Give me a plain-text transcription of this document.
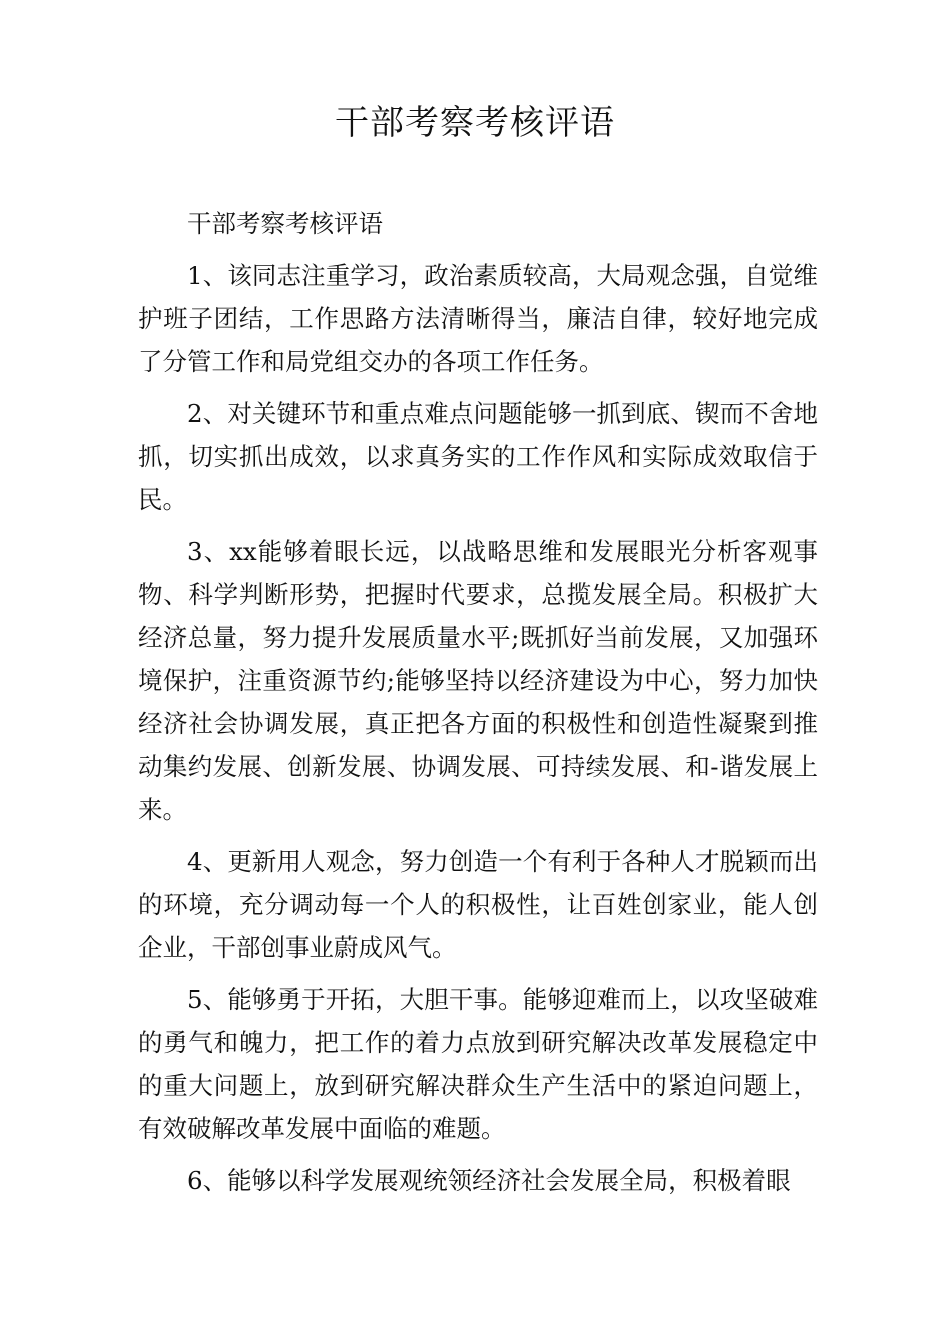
干部考察考核评语

干部考察考核评语

1、该同志注重学习，政治素质较高，大局观念强，自觉维护班子团结，工作思路方法清晰得当，廉洁自律，较好地完成了分管工作和局党组交办的各项工作任务。

2、对关键环节和重点难点问题能够一抓到底、锲而不舍地抓，切实抓出成效，以求真务实的工作作风和实际成效取信于民。

3、xx能够着眼长远，以战略思维和发展眼光分析客观事物、科学判断形势，把握时代要求，总揽发展全局。积极扩大经济总量，努力提升发展质量水平;既抓好当前发展，又加强环境保护，注重资源节约;能够坚持以经济建设为中心，努力加快经济社会协调发展，真正把各方面的积极性和创造性凝聚到推动集约发展、创新发展、协调发展、可持续发展、和-谐发展上来。

4、更新用人观念，努力创造一个有利于各种人才脱颖而出的环境，充分调动每一个人的积极性，让百姓创家业，能人创企业，干部创事业蔚成风气。

5、能够勇于开拓，大胆干事。能够迎难而上，以攻坚破难的勇气和魄力，把工作的着力点放到研究解决改革发展稳定中的重大问题上，放到研究解决群众生产生活中的紧迫问题上，有效破解改革发展中面临的难题。

6、能够以科学发展观统领经济社会发展全局，积极着眼
